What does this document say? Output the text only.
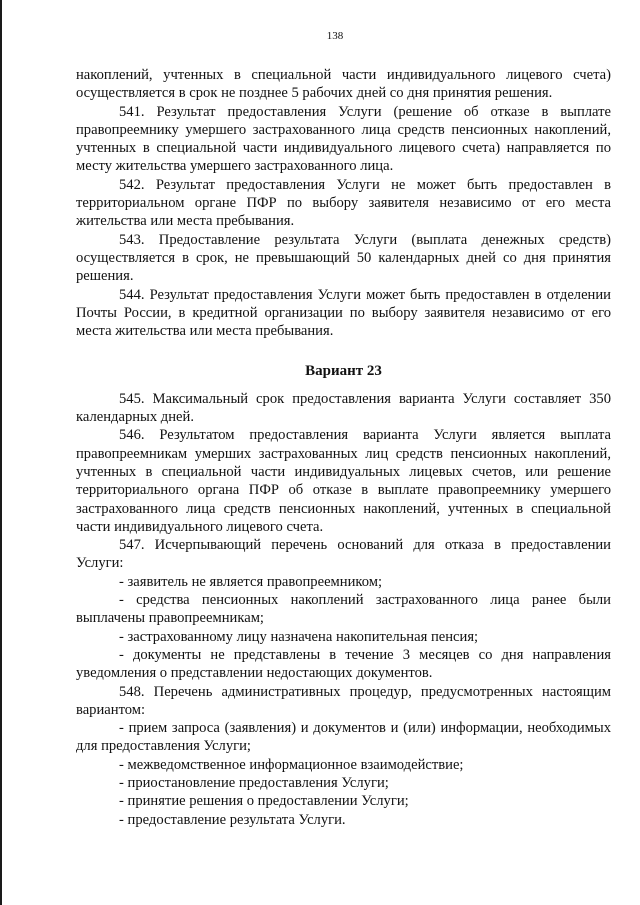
138

накоплений, учтенных в специальной части индивидуального лицевого счета) осуществляется в срок не позднее 5 рабочих дней со дня принятия решения.

541. Результат предоставления Услуги (решение об отказе в выплате правопреемнику умершего застрахованного лица средств пенсионных накоплений, учтенных в специальной части индивидуального лицевого счета) направляется по месту жительства умершего застрахованного лица.

542. Результат предоставления Услуги не может быть предоставлен в территориальном органе ПФР по выбору заявителя независимо от его места жительства или места пребывания.

543. Предоставление результата Услуги (выплата денежных средств) осуществляется в срок, не превышающий 50 календарных дней со дня принятия решения.

544. Результат предоставления Услуги может быть предоставлен в отделении Почты России, в кредитной организации по выбору заявителя независимо от его места жительства или места пребывания.

Вариант 23

545. Максимальный срок предоставления варианта Услуги составляет 350 календарных дней.

546. Результатом предоставления варианта Услуги является выплата правопреемникам умерших застрахованных лиц средств пенсионных накоплений, учтенных в специальной части индивидуальных лицевых счетов, или решение территориального органа ПФР об отказе в выплате правопреемнику умершего застрахованного лица средств пенсионных накоплений, учтенных в специальной части индивидуального лицевого счета.

547. Исчерпывающий перечень оснований для отказа в предоставлении Услуги:

- заявитель не является правопреемником;

- средства пенсионных накоплений застрахованного лица ранее были выплачены правопреемникам;

- застрахованному лицу назначена накопительная пенсия;

- документы не представлены в течение 3 месяцев со дня направления уведомления о представлении недостающих документов.

548. Перечень административных процедур, предусмотренных настоящим вариантом:

- прием запроса (заявления) и документов и (или) информации, необходимых для предоставления Услуги;

- межведомственное информационное взаимодействие;

- приостановление предоставления Услуги;

- принятие решения о предоставлении Услуги;

- предоставление результата Услуги.
